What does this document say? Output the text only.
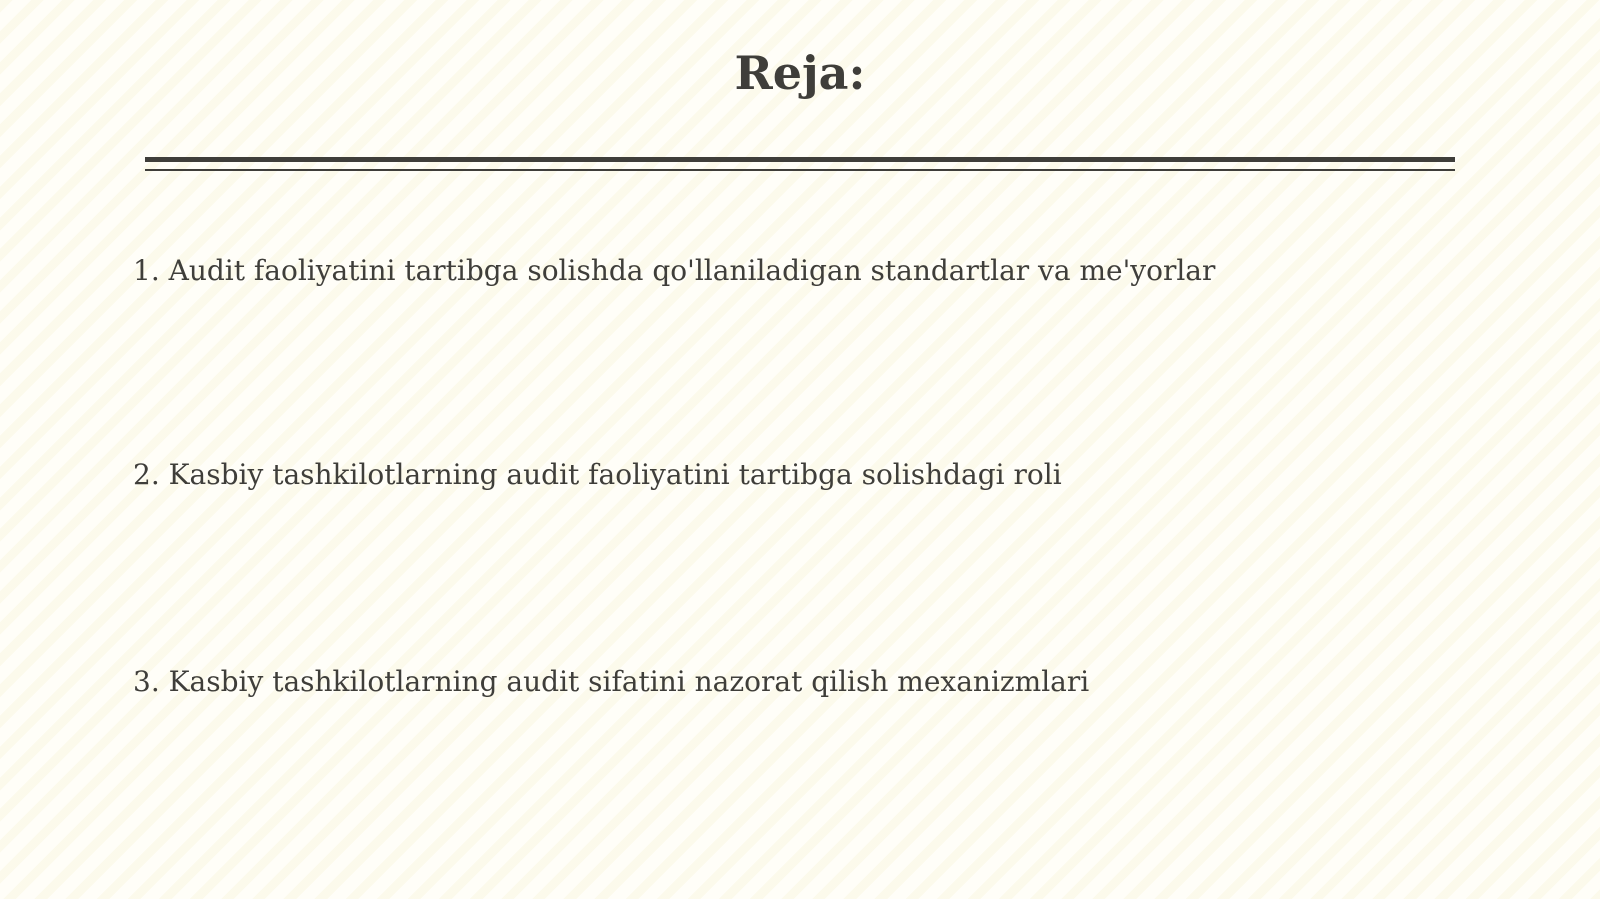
Reja:
1. Audit faoliyatini tartibga solishda qo'llaniladigan standartlar va me'yorlar
2. Kasbiy tashkilotlarning audit faoliyatini tartibga solishdagi roli
3. Kasbiy tashkilotlarning audit sifatini nazorat qilish mexanizmlari
